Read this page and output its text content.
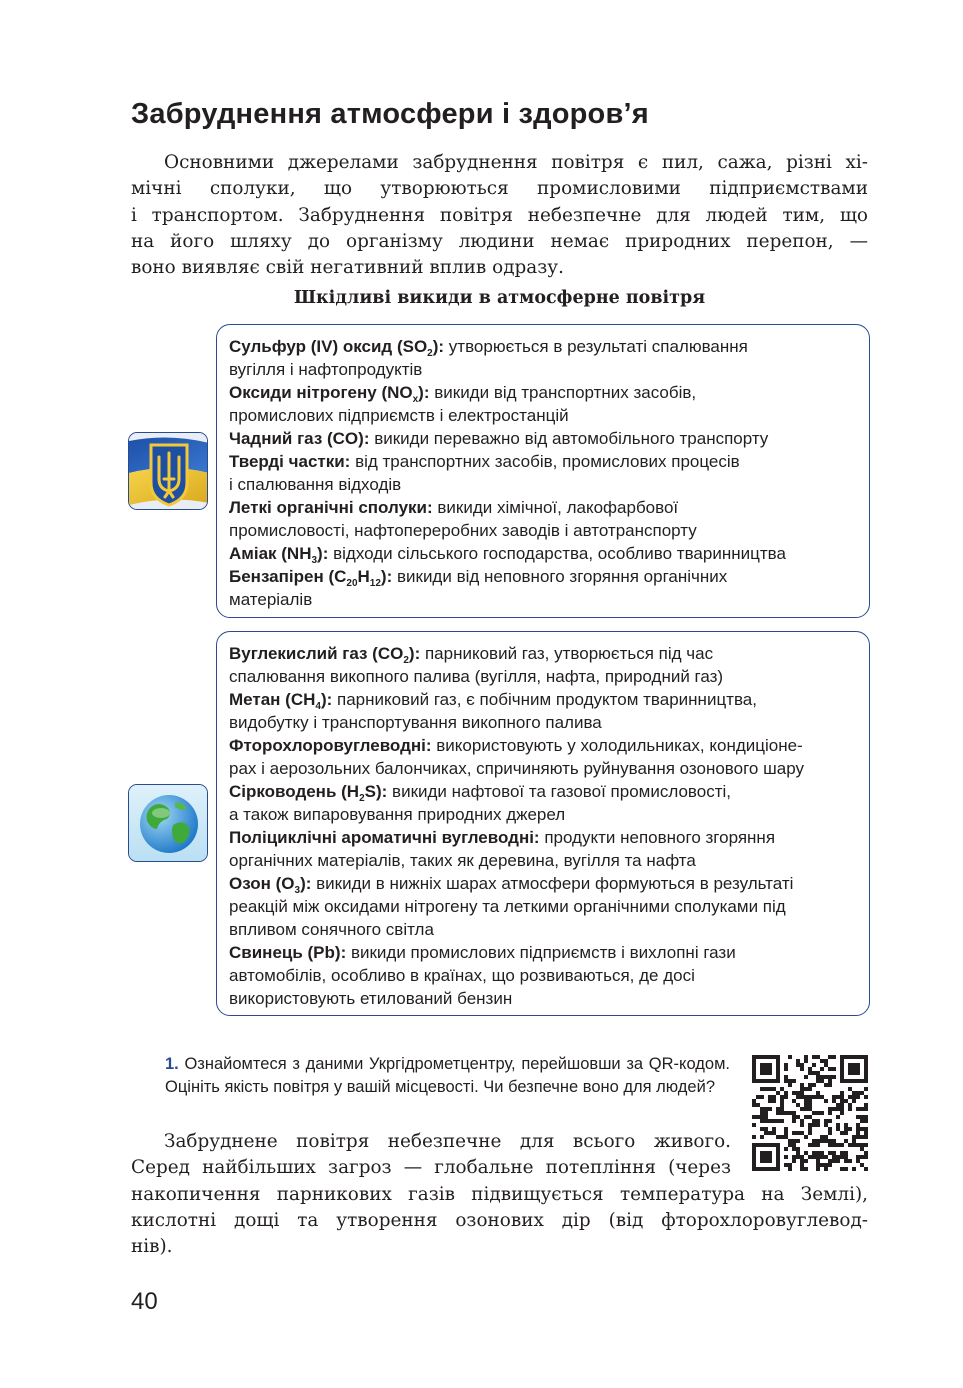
Забруднення атмосфери і здоров’я
Основними джерелами забруднення повітря є пил, сажа, різні хі-
мічні сполуки, що утворюються промисловими підприємствами
і транспортом. Забруднення повітря небезпечне для людей тим, що
на його шляху до організму людини немає природних перепон, —
воно виявляє свій негативний вплив одразу.
Шкідливі викиди в атмосферне повітря
Сульфур (IV) оксид $(SO_2)$: утворюється в результаті спалювання
вугілля і нафтопродуктів
Оксиди нітрогену $(NO_x)$: викиди від транспортних засобів,
промислових підприємств і електростанцій
Чадний газ (CO): викиди переважно від автомобільного транспорту
Тверді частки: від транспортних засобів, промислових процесів
і спалювання відходів
Леткі органічні сполуки: викиди хімічної, лакофарбової
промисловості, нафтопереробних заводів і автотранспорту
Аміак $(NH_3)$: відходи сільського господарства, особливо тваринництва
Бензапірен $(C_{20}H_{12})$: викиди від неповного згоряння органічних
матеріалів
Вуглекислий газ $(CO_2)$: парниковий газ, утворюється під час
спалювання викопного палива (вугілля, нафта, природний газ)
Метан $(CH_4)$: парниковий газ, є побічним продуктом тваринництва,
видобутку і транспортування викопного палива
Фторохлоровуглеводні: використовують у холодильниках, кондиціоне-
рах і аерозольних балончиках, спричиняють руйнування озонового шару
Сірководень $(H_2S)$: викиди нафтової та газової промисловості,
а також випаровування природних джерел
Поліциклічні ароматичні вуглеводні: продукти неповного згоряння
органічних матеріалів, таких як деревина, вугілля та нафта
Озон $(O_3)$: викиди в нижніх шарах атмосфери формуються в результаті
реакцій між оксидами нітрогену та леткими органічними сполуками під
впливом сонячного світла
Свинець (Pb): викиди промислових підприємств і вихлопні гази
автомобілів, особливо в країнах, що розвиваються, де досі
використовують етилований бензин
1. Ознайомтеся з даними Укргідрометцентру, перейшовши за QR-кодом. Оцініть якість повітря у вашій місцевості. Чи безпечне воно для людей?
Забруднене повітря небезпечне для всього живого.
Серед найбільших загроз — глобальне потепління (через
накопичення парникових газів підвищується температура на Землі),
кислотні дощі та утворення озонових дір (від фторохлоровуглевод-
нів).
40
